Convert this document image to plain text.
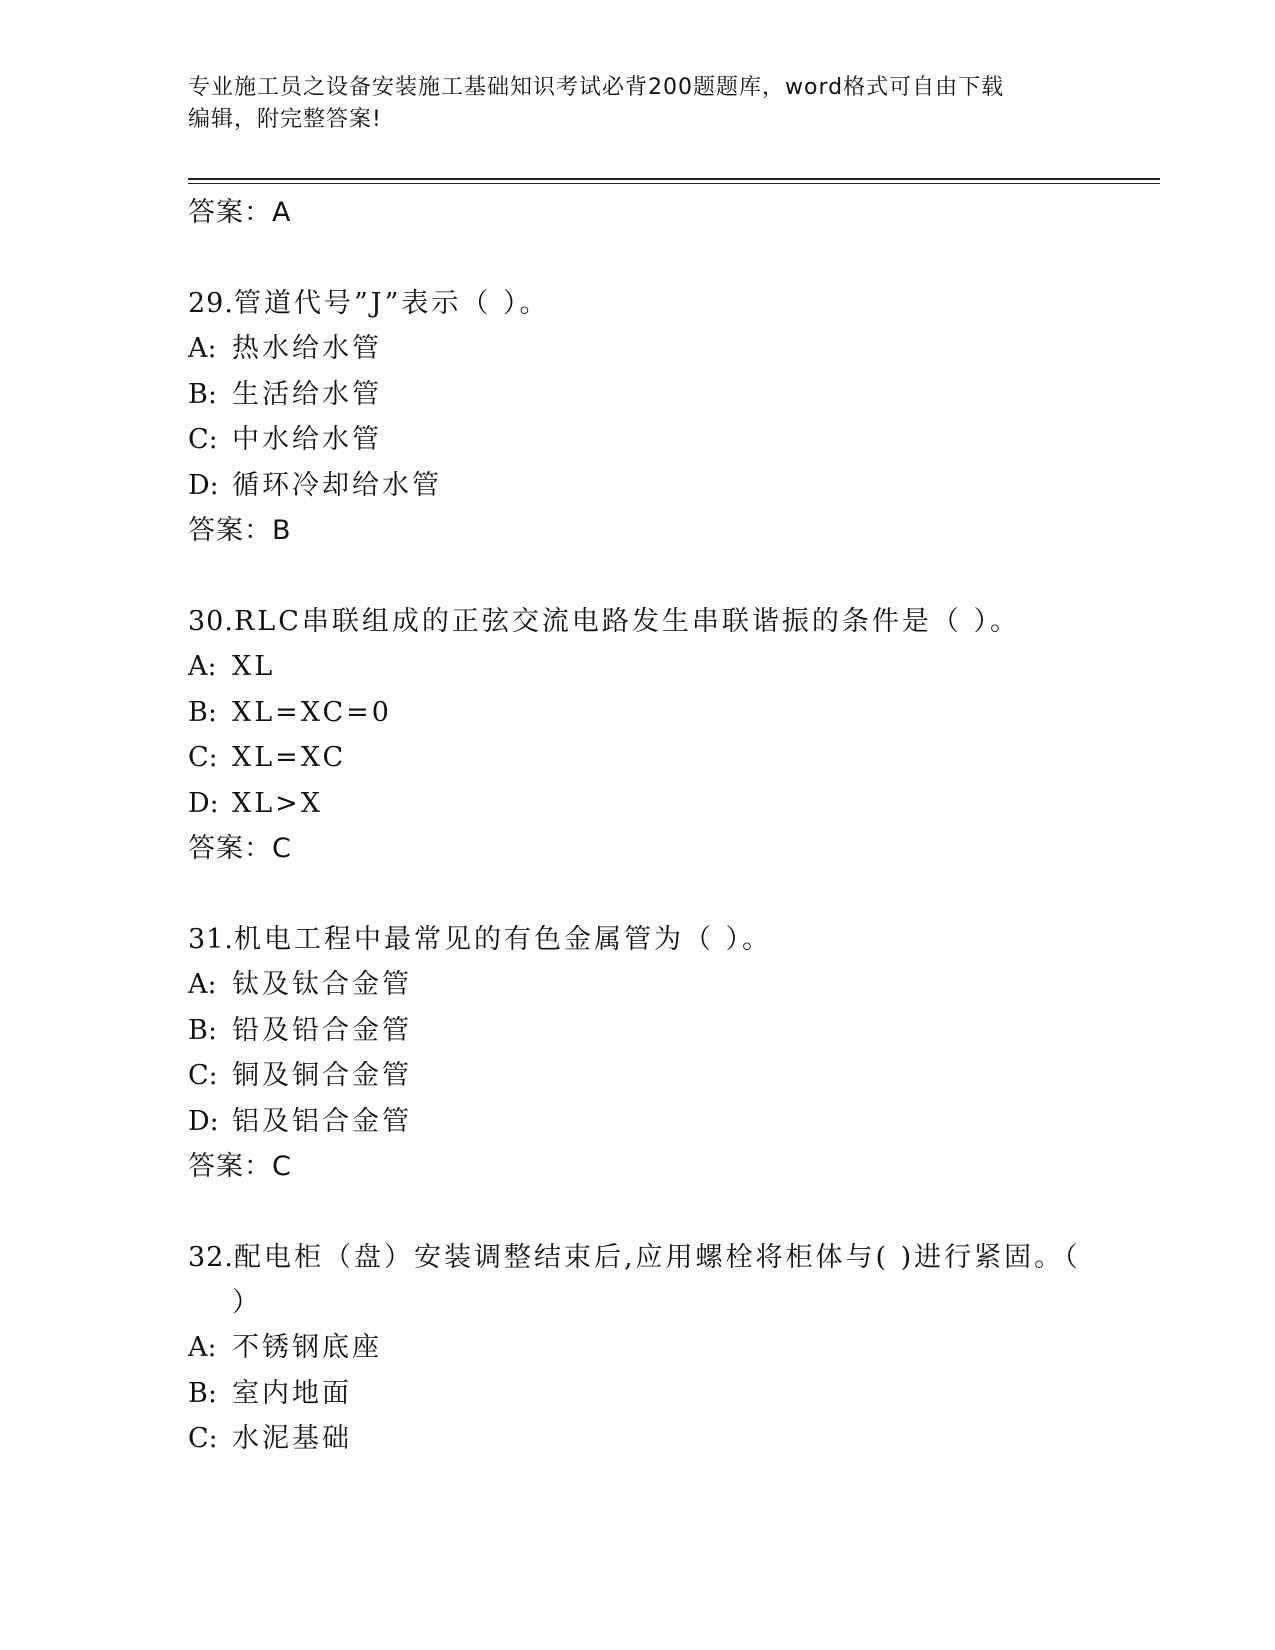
专业施工员之设备安装施工基础知识考试必背200题题库，word格式可自由下载
编辑，附完整答案!
答案：A
29.管道代号”J”表示（ ）。
A: 热水给水管
B: 生活给水管
C: 中水给水管
D: 循环冷却给水管
答案：B
30.RLC串联组成的正弦交流电路发生串联谐振的条件是（ ）。
A: XL
B: XL=XC=0
C: XL=XC
D: XL>X
答案：C
31.机电工程中最常见的有色金属管为（ ）。
A: 钛及钛合金管
B: 铅及铅合金管
C: 铜及铜合金管
D: 铝及铝合金管
答案：C
32.配电柜（盘）安装调整结束后,应用螺栓将柜体与( )进行紧固。（
）
A: 不锈钢底座
B: 室内地面
C: 水泥基础
